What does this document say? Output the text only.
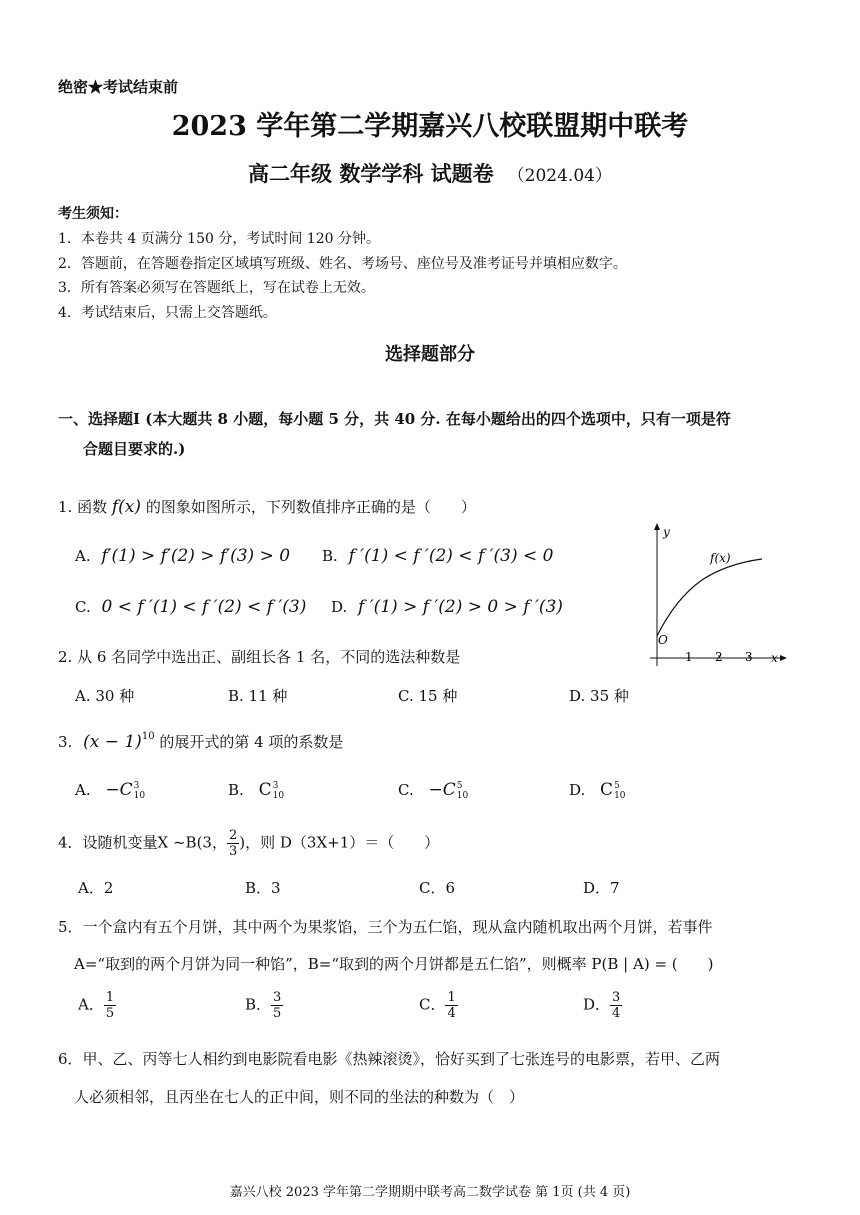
绝密★考试结束前
2023 学年第二学期嘉兴八校联盟期中联考
高二年级 数学学科 试题卷 （2024.04）
考生须知：
1．本卷共 4 页满分 150 分，考试时间 120 分钟。
2．答题前，在答题卷指定区域填写班级、姓名、考场号、座位号及准考证号并填相应数字。
3．所有答案必须写在答题纸上，写在试卷上无效。
4．考试结束后，只需上交答题纸。
选择题部分
一、选择题I (本大题共 8 小题，每小题 5 分，共 40 分. 在每小题给出的四个选项中，只有一项是符
合题目要求的.)
1. 函数 f(x) 的图象如图所示，下列数值排序正确的是（　　）
A. f′(1) > f′(2) > f′(3) > 0 B. f ′(1) < f ′(2) < f ′(3) < 0
C. 0 < f ′(1) < f ′(2) < f ′(3) D. f ′(1) > f ′(2) > 0 > f ′(3)
y
x
O
f(x)
1 2 3
2. 从 6 名同学中选出正、副组长各 1 名，不同的选法种数是
A. 30 种	B. 11 种	C. 15 种	D. 35 种
3. $(x - 1)^{10}$ 的展开式的第 4 项的系数是
A. −C 3
10	B. C 3
10	C. −C 5
10	D. C 5
10
4．设随机变量X ~B(3， $\frac{2}{3}$ )，则 D（3X+1）＝（　　）
A．2	B．3	C．6	D．7
5．一个盒内有五个月饼，其中两个为果浆馅，三个为五仁馅，现从盒内随机取出两个月饼，若事件
A=“取到的两个月饼为同一种馅”，B=“取到的两个月饼都是五仁馅”，则概率 P(B | A) = (　　)
A． $\frac{1}{5}$	B． $\frac{3}{5}$	C． $\frac{1}{4}$	D． $\frac{3}{4}$
6．甲、乙、丙等七人相约到电影院看电影《热辣滚烫》，恰好买到了七张连号的电影票，若甲、乙两
人必须相邻，且丙坐在七人的正中间，则不同的坐法的种数为（　）
嘉兴八校 2023 学年第二学期期中联考高二数学试卷 第 1页 (共 4 页)
